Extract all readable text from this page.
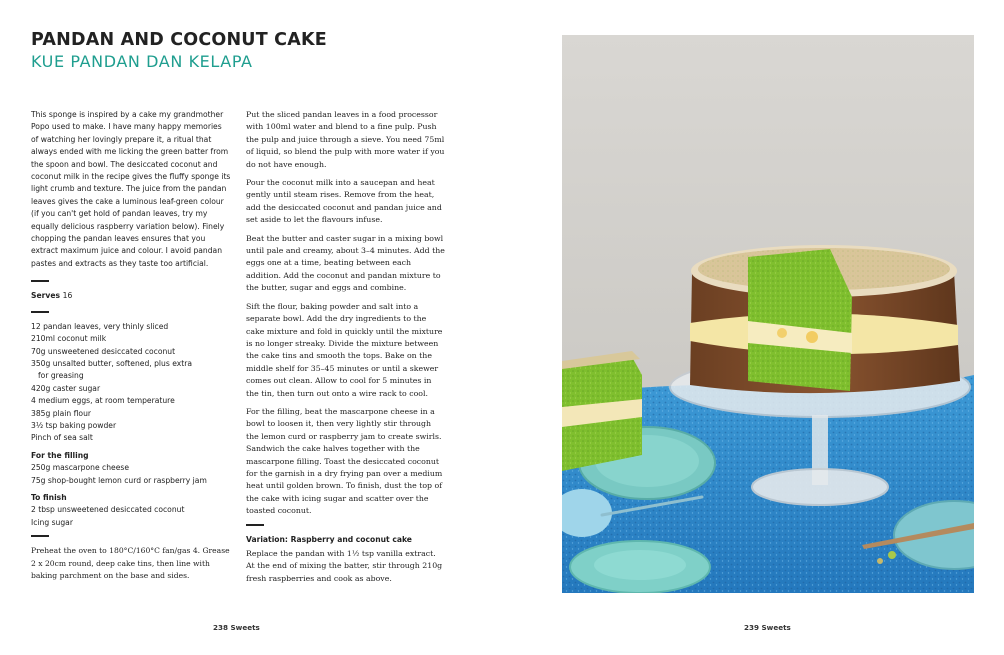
PANDAN AND COCONUT CAKE
KUE PANDAN DAN KELAPA

This sponge is inspired by a cake my grandmother Popo used to make. I have many happy memories of watching her lovingly prepare it, a ritual that always ended with me licking the green batter from the spoon and bowl. The desiccated coconut and coconut milk in the recipe gives the fluffy sponge its light crumb and texture. The juice from the pandan leaves gives the cake a luminous leaf-green colour (if you can't get hold of pandan leaves, try my equally delicious raspberry variation below). Finely chopping the pandan leaves ensures that you extract maximum juice and colour. I avoid pandan pastes and extracts as they taste too artificial.

Serves 16

12 pandan leaves, very thinly sliced
210ml coconut milk
70g unsweetened desiccated coconut
350g unsalted butter, softened, plus extra
for greasing
420g caster sugar
4 medium eggs, at room temperature
385g plain flour
3½ tsp baking powder
Pinch of sea salt

For the filling

250g mascarpone cheese
75g shop-bought lemon curd or raspberry jam

To finish

2 tbsp unsweetened desiccated coconut
Icing sugar

Preheat the oven to 180°C/160°C fan/gas 4. Grease 2 x 20cm round, deep cake tins, then line with baking parchment on the base and sides.

Put the sliced pandan leaves in a food processor with 100ml water and blend to a fine pulp. Push the pulp and juice through a sieve. You need 75ml of liquid, so blend the pulp with more water if you do not have enough.

Pour the coconut milk into a saucepan and heat gently until steam rises. Remove from the heat, add the desiccated coconut and pandan juice and set aside to let the flavours infuse.

Beat the butter and caster sugar in a mixing bowl until pale and creamy, about 3–4 minutes. Add the eggs one at a time, beating between each addition. Add the coconut and pandan mixture to the butter, sugar and eggs and combine.

Sift the flour, baking powder and salt into a separate bowl. Add the dry ingredients to the cake mixture and fold in quickly until the mixture is no longer streaky. Divide the mixture between the cake tins and smooth the tops. Bake on the middle shelf for 35–45 minutes or until a skewer comes out clean. Allow to cool for 5 minutes in the tin, then turn out onto a wire rack to cool.

For the filling, beat the mascarpone cheese in a bowl to loosen it, then very lightly stir through the lemon curd or raspberry jam to create swirls. Sandwich the cake halves together with the mascarpone filling. Toast the desiccated coconut for the garnish in a dry frying pan over a medium heat until golden brown. To finish, dust the top of the cake with icing sugar and scatter over the toasted coconut.

Variation: Raspberry and coconut cake

Replace the pandan with 1½ tsp vanilla extract. At the end of mixing the batter, stir through 210g fresh raspberries and cook as above.

238 Sweets	239 Sweets
